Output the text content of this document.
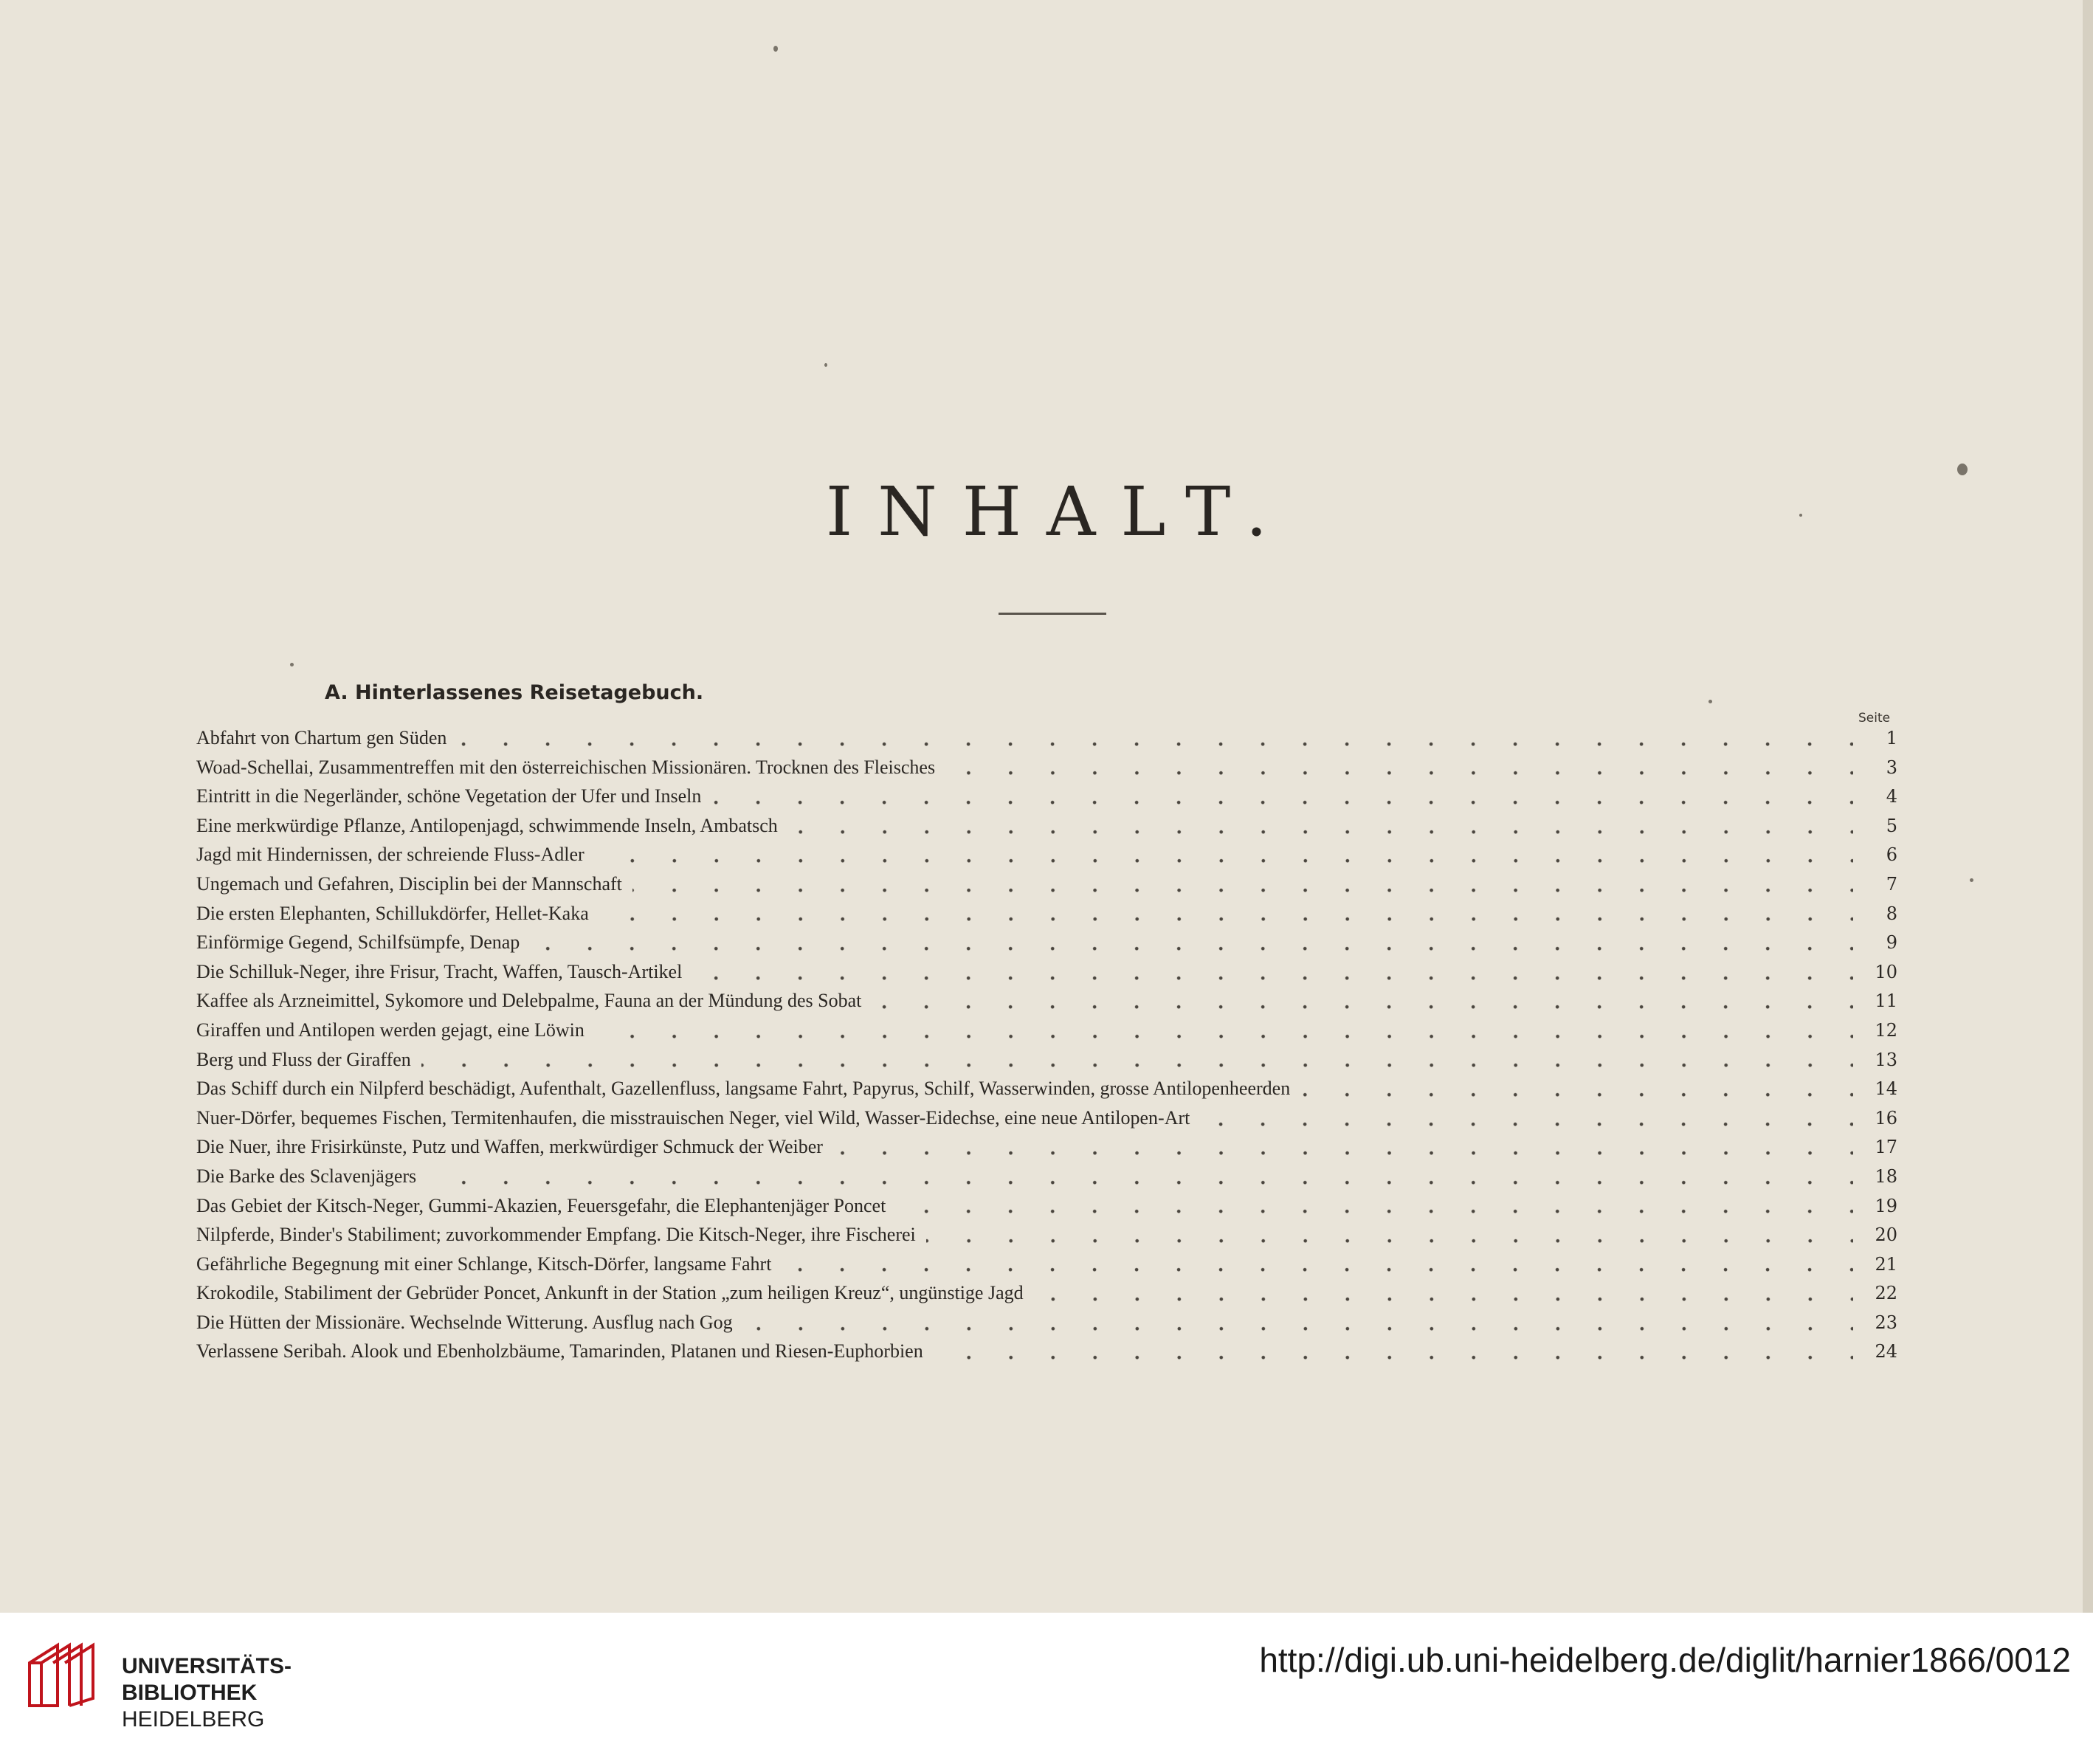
INHALT.
A. Hinterlassenes Reisetagebuch.
Seite
Abfahrt von Chartum gen Süden	1
Woad-Schellai, Zusammentreffen mit den österreichischen Missionären. Trocknen des Fleisches	3
Eintritt in die Negerländer, schöne Vegetation der Ufer und Inseln	4
Eine merkwürdige Pflanze, Antilopenjagd, schwimmende Inseln, Ambatsch	5
Jagd mit Hindernissen, der schreiende Fluss-Adler	6
Ungemach und Gefahren, Disciplin bei der Mannschaft	7
Die ersten Elephanten, Schillukdörfer, Hellet-Kaka	8
Einförmige Gegend, Schilfsümpfe, Denap	9
Die Schilluk-Neger, ihre Frisur, Tracht, Waffen, Tausch-Artikel	10
Kaffee als Arzneimittel, Sykomore und Delebpalme, Fauna an der Mündung des Sobat	11
Giraffen und Antilopen werden gejagt, eine Löwin	12
Berg und Fluss der Giraffen	13
Das Schiff durch ein Nilpferd beschädigt, Aufenthalt, Gazellenfluss, langsame Fahrt, Papyrus, Schilf, Wasserwinden, grosse Antilopenheerden	14
Nuer-Dörfer, bequemes Fischen, Termitenhaufen, die misstrauischen Neger, viel Wild, Wasser-Eidechse, eine neue Antilopen-Art	16
Die Nuer, ihre Frisirkünste, Putz und Waffen, merkwürdiger Schmuck der Weiber	17
Die Barke des Sclavenjägers	18
Das Gebiet der Kitsch-Neger, Gummi-Akazien, Feuersgefahr, die Elephantenjäger Poncet	19
Nilpferde, Binder's Stabiliment; zuvorkommender Empfang. Die Kitsch-Neger, ihre Fischerei	20
Gefährliche Begegnung mit einer Schlange, Kitsch-Dörfer, langsame Fahrt	21
Krokodile, Stabiliment der Gebrüder Poncet, Ankunft in der Station „zum heiligen Kreuz“, ungünstige Jagd	22
Die Hütten der Missionäre. Wechselnde Witterung. Ausflug nach Gog	23
Verlassene Seribah. Alook und Ebenholzbäume, Tamarinden, Platanen und Riesen-Euphorbien	24
UNIVERSITÄTS-
BIBLIOTHEK
HEIDELBERG
http://digi.ub.uni-heidelberg.de/diglit/harnier1866/0012
